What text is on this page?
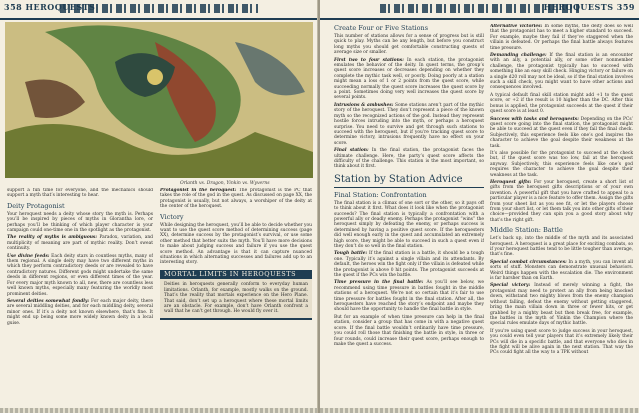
358 HEROQUESTS
Orlanth vs. Dragon, Yinkin vs. Wyverns

support a fun time for everyone, and the mechanics should support a myth that’s interesting to hear.

Deity Protagonist

Your heroquest needs a deity whose story the myth is. Perhaps you’ll be inspired by pieces of myths in Glorantha lore, or perhaps you’ll be thinking of which player character is your campaign could one-time one in the spotlight as the protagonist.

The reality of myths is ambiguous: Paradox, variation, and multiplicity of meaning are part of mythic reality. Don’t sweat continuity.

Use divine feeds: Each deity stars in countless myths, many of them regional. A single deity may have two different myths in which they perform contradictory deeds or are revealed to have contradictory natures. Different gods might undertake the same deeds in different regions, or even different times of the year. For every major myth known to all, new, there are countless less well known myths, especially many featuring the worldly most prominent deities.

Several deities somewhat fondly: For each major deity, there are several middling deities, and for each middling deity, several minor ones. If it’s a deity not known elsewhere, that’s fine. It might end up being some more widely known deity in a local guise.

Protagonist in the heroquest: The protagonist is the PC that takes the role of the god in the quest. As discussed on page XX, the protagonist is usually, but not always, a worshiper of the deity at the center of the heroquest.

Victory

While designing the heroquest, you’ll be able to decide whether you want to use the quest score method of determining success (page XX), determine success by the protagonist’s survival, or use some other method that better suits the myth. You’ll have more decisions to make about judging success and failure if you use the quest score method. An advantage is that it can capture nuanced situations in which alternating successes and failures add up to an interesting story.

MORTAL LIMITS IN HEROQUESTS
Deities in heroquests generally conform to everyday human limitations. Orlanth, for example, mostly walks on the ground. That’s the reality that mortals experience on the Hero Plane. That said, don’t set up a heroquest where these mortal limits are an obstacle. For example, don’t have Orlanth confront a wall that he can’t get through. He would fly over it.
HEROQUESTS 359
Create Four or Five Stations

This number of stations allows for a sense of progress but is still quick to play. Myths can be any length, but before you construct long myths you should get comfortable constructing quests of average size or smaller.

First two to four stations: In each station, the protagonist emulates the behavior of the deity. In quest terms, the group’s quest score increases or decreases depending on whether they complete the mythic task well, or poorly. Doing poorly at a station might mean a loss of 1 or 2 points from the quest score, while succeeding normally the quest score increases the quest score by a point. Sometimes doing very well increases the quest score by several points.

Intrusions & ambushes: Some stations aren’t part of the mythic story of the heroquest. They don’t represent a piece of the known myth so the recognized actions of the god. Instead they represent hostile forces intruding into the myth, or perhaps a heroquest surprise. You need to survive and get through such stations to succeed with the heroquest, but if you’re tracking quest score to determine victory, intrusions frequently have no effect on your score.

Final station: In the final station, the protagonist faces the ultimate challenge. Here, the party’s quest score affects the difficulty of the challenge. This station is the most important, so think about it first.

Station by Station Advice
Final Station: Confrontation

The final station is a climax of one sort or the other, so it pays off to think about it first. What does it look like when the protagonist succeeds? The final station is typically a confrontation with a powerful ally or deadly enemy. Perhaps the protagonist “wins” the heroquest simply by defeating the enemy, or perhaps success is determined by having a positive quest score. If the heroquesters did well enough early in the quest and accumulated an extremely high score, they might be able to succeed in such a quest even if they don’t do so well in the final station.

Tough battle: If the final station is a battle, it should be a tough one. Typically it’s against a single villain and its attendants. By default, the heroes win the fight only if the villain is defeated while the protagonist is above 0 hit points. The protagonist succeeds at the quest if the PCs win the battle.

Time pressure in the final battle: As you’ll see below, we recommend using time pressure in battles fought in the middle stations of a heroquest. We’re not so certain that it’s fair to use time pressure for battles fought in the final station. After all, the heroquesters have reached the story’s endpoint and maybe they should have the opportunity to handle the final battle in style.

But for an example of when time pressure can help in the final station, consider a group that has come in with a negative quest score. If the final battle wouldn’t ordinarily have time pressure, you could roll those that finishing the battle in style, in three or four rounds, could increase their quest score, perhaps enough to make the quest a success.

Alternative victories: In some myths, the deity does so well that the protagonist has to meet a higher standard to succeed. For example, maybe they fail if they’ve staggered when the villain is defeated. Or perhaps the final battle always features time pressure.

Demanding challenge: If the final station is an encounter with an ally, a potential ally, or some other nonmember challenge, the protagonist typically has to succeed with something like an easy skill check. Hinging victory or failure on a single d20 roll may not be ideal, so if the final station involves such a skill check, you might want to have other actions and consequences involved.

A typical default final skill station might add +1 to the quest score, or +2 if the result is 10 higher than the DC. After this bonus is applied, the protagonist succeeds at the quest if their quest score is at least 0.

Success with tasks and heroquests: Depending on the PCs’ quest score going into the final station, the protagonist might be able to succeed at the quest even if they fail the final check. Subjectively, this experience feels like one’s god inspires the character to achieve the goal despite their weakness at the task.

It’s also possible for the protagonist to succeed at the check but, if the quest score was too low, fail at the heroquest anyway. Subjectively, this experience feels like one’s god requires the character to achieve the goal despite their weakness at the task.

Heroquest gifts: For your heroquest, create a short list of gifts from the heroquest gifts descriptions or of your own invention. A powerful gift that you have crafted to appeal to a particular player is a nice feature to offer them. Assign the gifts from your sheet list as you see fit, or let the players choose from your short list, or let them talk you into other gifts of their choice—provided they can spin you a good story about why that’s the right gift.

Middle Station: Battle

Let’s back up, into the middle of the myth and its associated heroquest. A heroquest is a great place for exciting combats, so if your heroquest battles tend to be little tougher than average, that’s fine.

Special combat circumstances: In a myth, you can invent all sorts of stuff. Monsters can demonstrate unusual behaviors. Weird things happen with the escalation die. The environment is far harsher than on Earth.

Special victory: Instead of merely winning a fight, the protagonist may need to protect an ally from being knocked down, withstand two mighty blows from the enemy champion without falling, defeat the enemy without getting staggered, bring the main villain down in three or fewer hits, or get grabbed by a mighty beast but then break free, for example, the battles in the myth of Yinkin the Champion where the special rules emulate days of mythic battle.

If you’re using quest score to judge success in your heroquest, you could even tell your players that it’s extremely likely their PCs will die in a specific battle, and that everyone who dies in the fight will be alive again in the next station. That way the PCs could fight all the way to a TPK without
